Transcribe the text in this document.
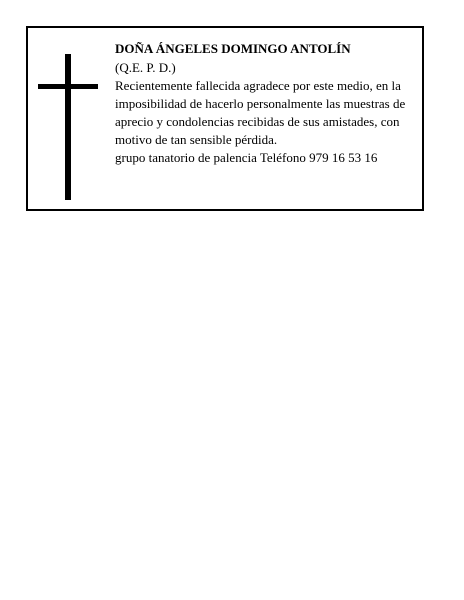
DOÑA ÁNGELES DOMINGO ANTOLÍN

(Q.E. P. D.)

Recientemente fallecida agradece por este medio, en la imposibilidad de hacerlo personalmente las muestras de aprecio y condolencias recibidas de sus amistades, con motivo de tan sensible pérdida.

grupo tanatorio de palencia Teléfono 979 16 53 16
